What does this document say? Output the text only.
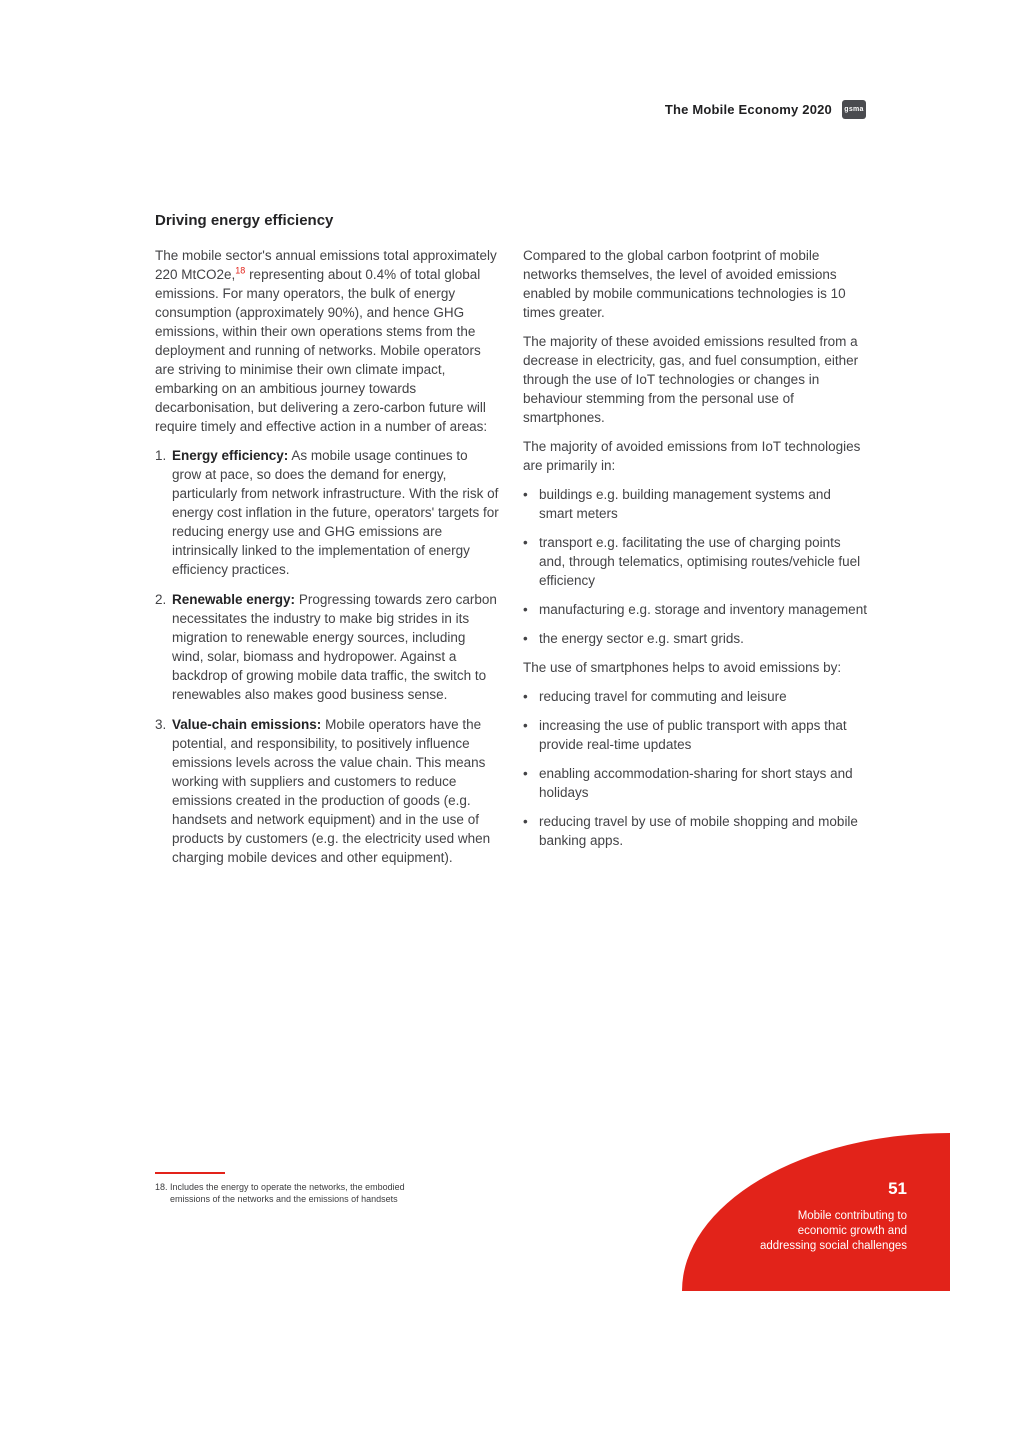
The Mobile Economy 2020	gsma
Driving energy efficiency

The mobile sector's annual emissions total approximately 220 MtCO2e,$^{18}$ representing about 0.4% of total global emissions. For many operators, the bulk of energy consumption (approximately 90%), and hence GHG emissions, within their own operations stems from the deployment and running of networks. Mobile operators are striving to minimise their own climate impact, embarking on an ambitious journey towards decarbonisation, but delivering a zero-carbon future will require timely and effective action in a number of areas:

1. Energy efficiency: As mobile usage continues to grow at pace, so does the demand for energy, particularly from network infrastructure. With the risk of energy cost inflation in the future, operators' targets for reducing energy use and GHG emissions are intrinsically linked to the implementation of energy efficiency practices.
2. Renewable energy: Progressing towards zero carbon necessitates the industry to make big strides in its migration to renewable energy sources, including wind, solar, biomass and hydropower. Against a backdrop of growing mobile data traffic, the switch to renewables also makes good business sense.
3. Value-chain emissions: Mobile operators have the potential, and responsibility, to positively influence emissions levels across the value chain. This means working with suppliers and customers to reduce emissions created in the production of goods (e.g. handsets and network equipment) and in the use of products by customers (e.g. the electricity used when charging mobile devices and other equipment).

Compared to the global carbon footprint of mobile networks themselves, the level of avoided emissions enabled by mobile communications technologies is 10 times greater.

The majority of these avoided emissions resulted from a decrease in electricity, gas, and fuel consumption, either through the use of IoT technologies or changes in behaviour stemming from the personal use of smartphones.

The majority of avoided emissions from IoT technologies are primarily in:

• buildings e.g. building management systems and smart meters
• transport e.g. facilitating the use of charging points and, through telematics, optimising routes/vehicle fuel efficiency
• manufacturing e.g. storage and inventory management
• the energy sector e.g. smart grids.

The use of smartphones helps to avoid emissions by:

• reducing travel for commuting and leisure
• increasing the use of public transport with apps that provide real-time updates
• enabling accommodation-sharing for short stays and holidays
• reducing travel by use of mobile shopping and mobile banking apps.
18. Includes the energy to operate the networks, the embodied emissions of the networks and the emissions of handsets
51
Mobile contributing to
economic growth and
addressing social challenges
